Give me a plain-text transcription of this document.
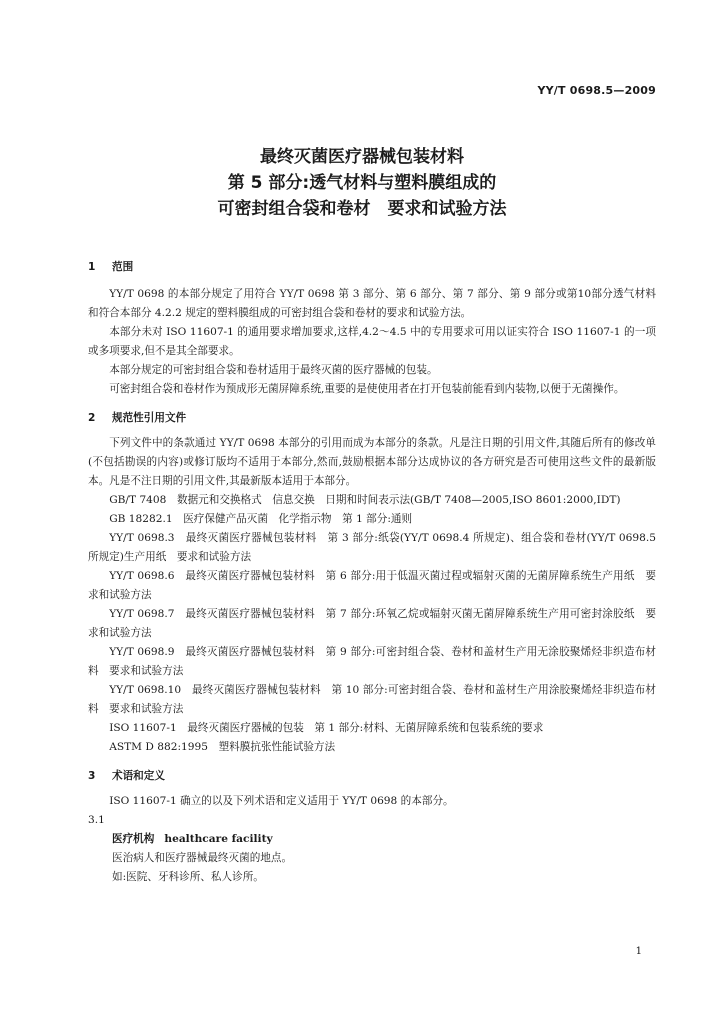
YY/T 0698.5—2009
最终灭菌医疗器械包装材料
第 5 部分:透气材料与塑料膜组成的
可密封组合袋和卷材　要求和试验方法
1 范围

YY/T 0698 的本部分规定了用符合 YY/T 0698 第 3 部分、第 6 部分、第 7 部分、第 9 部分或第10部分透气材料和符合本部分 4.2.2 规定的塑料膜组成的可密封组合袋和卷材的要求和试验方法。

本部分未对 ISO 11607-1 的通用要求增加要求,这样,4.2～4.5 中的专用要求可用以证实符合 ISO 11607-1 的一项或多项要求,但不是其全部要求。

本部分规定的可密封组合袋和卷材适用于最终灭菌的医疗器械的包装。

可密封组合袋和卷材作为预成形无菌屏障系统,重要的是使使用者在打开包装前能看到内装物,以便于无菌操作。

2 规范性引用文件

下列文件中的条款通过 YY/T 0698 本部分的引用而成为本部分的条款。凡是注日期的引用文件,其随后所有的修改单(不包括勘误的内容)或修订版均不适用于本部分,然而,鼓励根据本部分达成协议的各方研究是否可使用这些文件的最新版本。凡是不注日期的引用文件,其最新版本适用于本部分。

GB/T 7408　数据元和交换格式　信息交换　日期和时间表示法(GB/T 7408—2005,ISO 8601:2000,IDT)

GB 18282.1　医疗保健产品灭菌　化学指示物　第 1 部分:通则

YY/T 0698.3　最终灭菌医疗器械包装材料　第 3 部分:纸袋(YY/T 0698.4 所规定)、组合袋和卷材(YY/T 0698.5 所规定)生产用纸　要求和试验方法

YY/T 0698.6　最终灭菌医疗器械包装材料　第 6 部分:用于低温灭菌过程或辐射灭菌的无菌屏障系统生产用纸　要求和试验方法

YY/T 0698.7　最终灭菌医疗器械包装材料　第 7 部分:环氧乙烷或辐射灭菌无菌屏障系统生产用可密封涂胶纸　要求和试验方法

YY/T 0698.9　最终灭菌医疗器械包装材料　第 9 部分:可密封组合袋、卷材和盖材生产用无涂胶聚烯烃非织造布材料　要求和试验方法

YY/T 0698.10　最终灭菌医疗器械包装材料　第 10 部分:可密封组合袋、卷材和盖材生产用涂胶聚烯烃非织造布材料　要求和试验方法

ISO 11607-1　最终灭菌医疗器械的包装　第 1 部分:材料、无菌屏障系统和包装系统的要求

ASTM D 882:1995　塑料膜抗张性能试验方法

3 术语和定义

ISO 11607-1 确立的以及下列术语和定义适用于 YY/T 0698 的本部分。

3.1
医疗机构 healthcare facility
医治病人和医疗器械最终灭菌的地点。
如:医院、牙科诊所、私人诊所。
1
